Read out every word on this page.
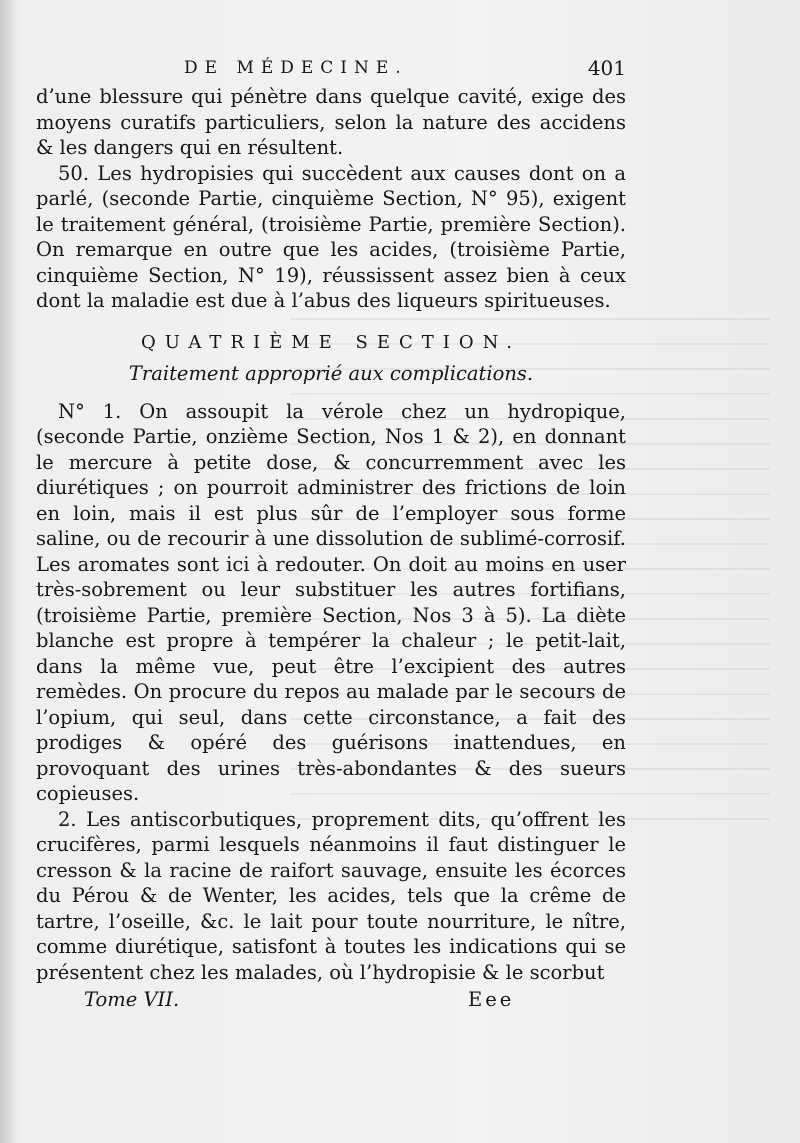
DE MÉDECINE.	401

d’une blessure qui pénètre dans quelque cavité, exige des moyens curatifs particuliers, selon la nature des accidens & les dangers qui en résultent.

50. Les hydropisies qui succèdent aux causes dont on a parlé, (seconde Partie, cinquième Section, N° 95), exigent le traitement général, (troisième Partie, première Section). On remarque en outre que les acides, (troisième Partie, cinquième Section, N° 19), réussissent assez bien à ceux dont la maladie est due à l’abus des liqueurs spiritueuses.

QUATRIÈME SECTION.
Traitement approprié aux complications.

N° 1. On assoupit la vérole chez un hydropique, (seconde Partie, onzième Section, Nos 1 & 2), en donnant le mercure à petite dose, & concurremment avec les diurétiques ; on pourroit administrer des frictions de loin en loin, mais il est plus sûr de l’employer sous forme saline, ou de recourir à une dissolution de sublimé-corrosif. Les aromates sont ici à redouter. On doit au moins en user très-sobrement ou leur substituer les autres fortifians, (troisième Partie, première Section, Nos 3 à 5). La diète blanche est propre à tempérer la chaleur ; le petit-lait, dans la même vue, peut être l’excipient des autres remèdes. On procure du repos au malade par le secours de l’opium, qui seul, dans cette circonstance, a fait des prodiges & opéré des guérisons inattendues, en provoquant des urines très-abondantes & des sueurs copieuses.

2. Les antiscorbutiques, proprement dits, qu’offrent les crucifères, parmi lesquels néanmoins il faut distinguer le cresson & la racine de raifort sauvage, ensuite les écorces du Pérou & de Wenter, les acides, tels que la crême de tartre, l’oseille, &c. le lait pour toute nourriture, le nître, comme diurétique, satisfont à toutes les indications qui se présentent chez les malades, où l’hydropisie & le scorbut

Tome VII.	Eee
